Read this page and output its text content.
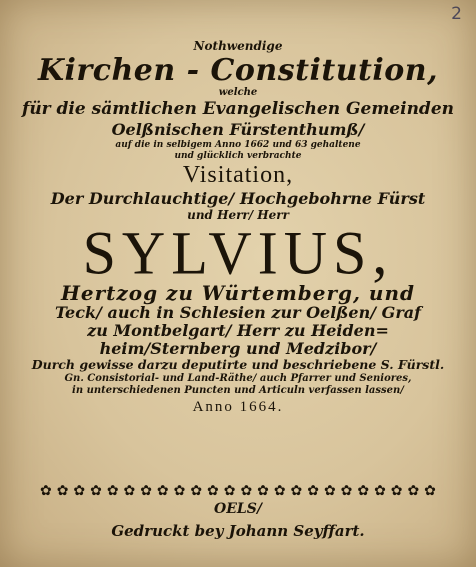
2
Nothwendige
Kirchen - Constitution,
welche
für die sämtlichen Evangelischen Gemeinden
Oelßnischen Fürstenthumß/
auf die in selbigem Anno 1662 und 63 gehaltene
und glücklich verbrachte
Visitation,
Der Durchlauchtige/ Hochgebohrne Fürst
und Herr/ Herr
SYLVIUS,
Hertzog zu Würtemberg, und
Teck/ auch in Schlesien zur Oelßen/ Graf
zu Montbelgart/ Herr zu Heiden=
heim/Sternberg und Medzibor/
Durch gewisse darzu deputirte und beschriebene S. Fürstl.
Gn. Consistorial- und Land-Räthe/ auch Pfarrer und Seniores,
in unterschiedenen Puncten und Articuln verfassen lassen/
Anno 1664.
✿ ✿ ✿ ✿ ✿ ✿ ✿ ✿ ✿ ✿ ✿ ✿ ✿ ✿ ✿ ✿ ✿ ✿ ✿ ✿ ✿ ✿ ✿ ✿
OELS/
Gedruckt bey Johann Seyffart.
